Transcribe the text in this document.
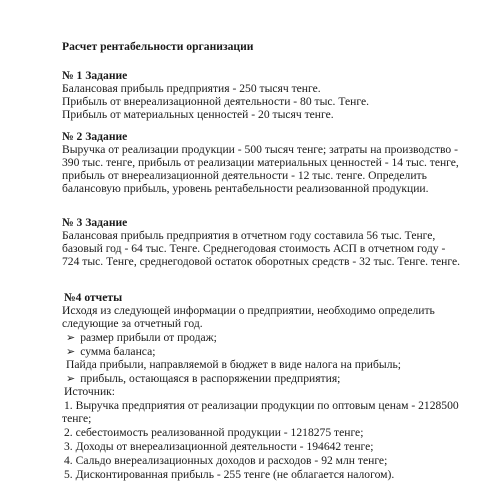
Расчет рентабельности организации
№ 1 Задание
Балансовая прибыль предприятия - 250 тысяч тенге.
Прибыль от внереализационной деятельности - 80 тыс. Тенге.
Прибыль от материальных ценностей - 20 тысяч тенге.
№ 2 Задание
Выручка от реализации продукции - 500 тысяч тенге; затраты на производство -
390 тыс. тенге, прибыль от реализации материальных ценностей - 14 тыс. тенге,
прибыль от внереализационной деятельности - 12 тыс. тенге. Определить
балансовую прибыль, уровень рентабельности реализованной продукции.
№ 3 Задание
Балансовая прибыль предприятия в отчетном году составила 56 тыс. Тенге,
базовый год - 64 тыс. Тенге. Среднегодовая стоимость АСП в отчетном году -
724 тыс. Тенге, среднегодовой остаток оборотных средств - 32 тыс. Тенге. тенге.
№4 отчеты
Исходя из следующей информации о предприятии, необходимо определить
следующие за отчетный год.
➢ размер прибыли от продаж;
➢ сумма баланса;
Пайда прибыли, направляемой в бюджет в виде налога на прибыль;
➢ прибыль, остающаяся в распоряжении предприятия;
Источник:
1. Выручка предприятия от реализации продукции по оптовым ценам - 2128500
тенге;
2. себестоимость реализованной продукции - 1218275 тенге;
3. Доходы от внереализационной деятельности - 194642 тенге;
4. Сальдо внереализационных доходов и расходов - 92 млн тенге;
5. Дисконтированная прибыль - 255 тенге (не облагается налогом).
